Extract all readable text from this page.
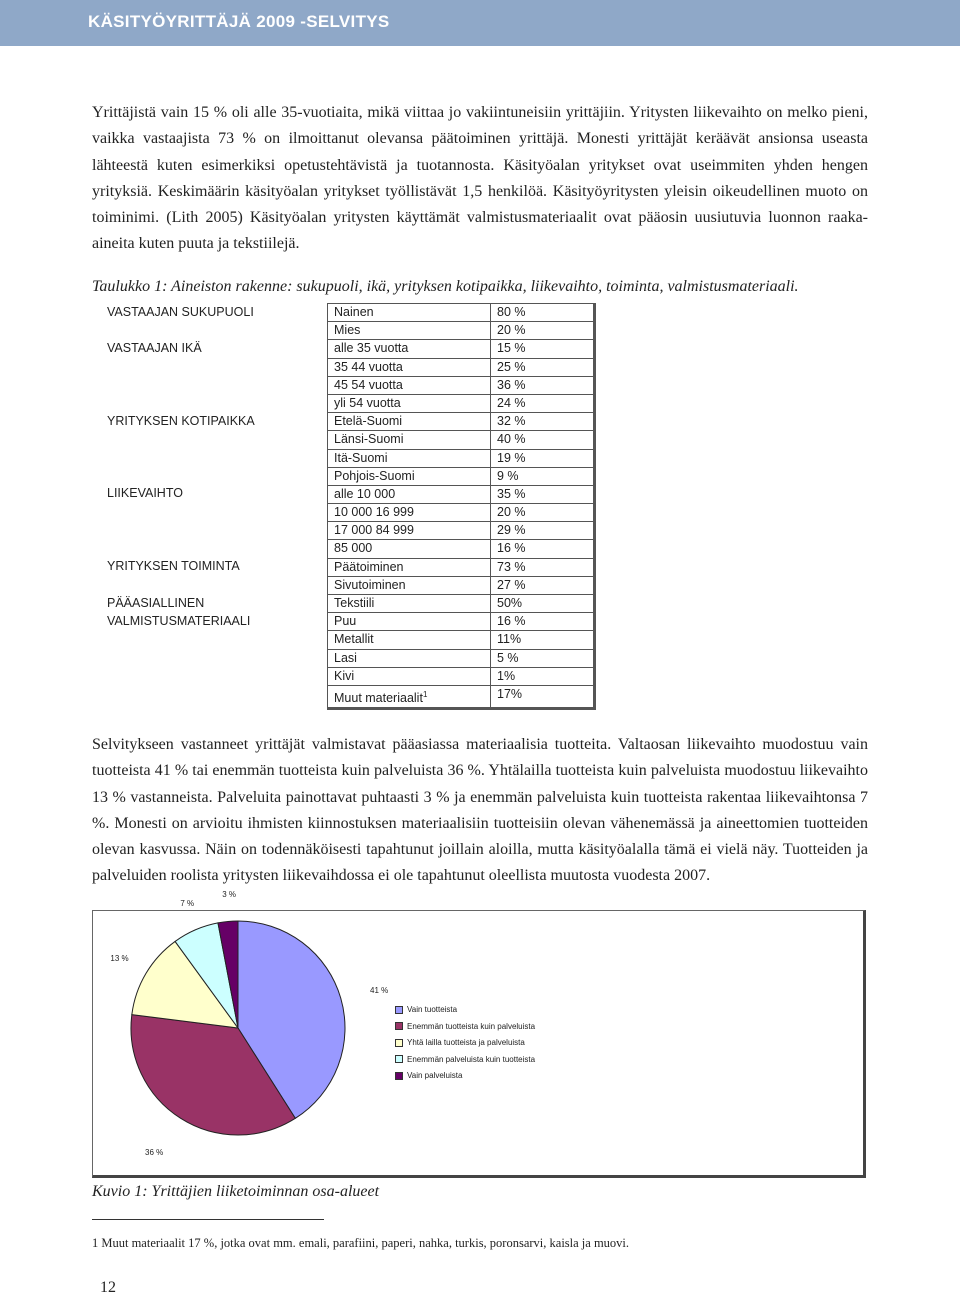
KÄSITYÖYRITTÄJÄ 2009 -SELVITYS

Yrittäjistä vain 15 % oli alle 35-vuotiaita, mikä viittaa jo vakiintuneisiin yrittäjiin. Yritysten liikevaihto on melko pieni, vaikka vastaajista 73 % on ilmoittanut olevansa päätoiminen yrittäjä. Monesti yrittäjät keräävät ansionsa useasta lähteestä kuten esimerkiksi opetustehtävistä ja tuotannosta. Käsityöalan yritykset ovat useimmiten yhden hengen yrityksiä. Keskimäärin käsityöalan yritykset työllistävät 1,5 henkilöä. Käsityöyritysten yleisin oikeudellinen muoto on toiminimi. (Lith 2005) Käsityöalan yritysten käyttämät valmistusmateriaalit ovat pääosin uusiutuvia luonnon raaka-aineita kuten puuta ja tekstiilejä.

Taulukko 1: Aineiston rakenne: sukupuoli, ikä, yrityksen kotipaikka, liikevaihto, toiminta, valmistusmateriaali.

VASTAAJAN SUKUPUOLI	Nainen	80 %
	Mies	20 %
VASTAAJAN IKÄ	alle 35 vuotta	15 %
	35 44 vuotta	25 %
	45 54 vuotta	36 %
	yli 54 vuotta	24 %
YRITYKSEN KOTIPAIKKA	Etelä-Suomi	32 %
	Länsi-Suomi	40 %
	Itä-Suomi	19 %
	Pohjois-Suomi	9 %
LIIKEVAIHTO	alle 10 000	35 %
	10 000 16 999	20 %
	17 000 84 999	29 %
	85 000	16 %
YRITYKSEN TOIMINTA	Päätoiminen	73 %
	Sivutoiminen	27 %
PÄÄASIALLINEN	Tekstiili	50%
VALMISTUSMATERIAALI	Puu	16 %
	Metallit	11%
	Lasi	5 %
	Kivi	1%
	Muut materiaalit$^1$	17%

Selvitykseen vastanneet yrittäjät valmistavat pääasiassa materiaalisia tuotteita. Valtaosan liikevaihto muodostuu vain tuotteista 41 % tai enemmän tuotteista kuin palveluista 36 %. Yhtälailla tuotteista kuin palveluista muodostuu liikevaihto 13 % vastanneista. Palveluita painottavat puhtaasti 3 % ja enemmän palveluista kuin tuotteista rakentaa liikevaihtonsa 7 %. Monesti on arvioitu ihmisten kiinnostuksen materiaalisiin tuotteisiin olevan vähenemässä ja aineettomien tuotteiden olevan kasvussa. Näin on todennäköisesti tapahtunut joillain aloilla, mutta käsityöalalla tämä ei vielä näy. Tuotteiden ja palveluiden roolista yritysten liikevaihdossa ei ole tapahtunut oleellista muutosta vuodesta 2007.

41 %
36 %
13 %
7 %
3 %
Vain tuotteista
Enemmän tuotteista kuin palveluista
Yhtä lailla tuotteista ja palveluista
Enemmän palveluista kuin tuotteista
Vain palveluista

Kuvio 1: Yrittäjien liiketoiminnan osa-alueet

1 Muut materiaalit 17 %, jotka ovat mm. emali, parafiini, paperi, nahka, turkis, poronsarvi, kaisla ja muovi.

12
